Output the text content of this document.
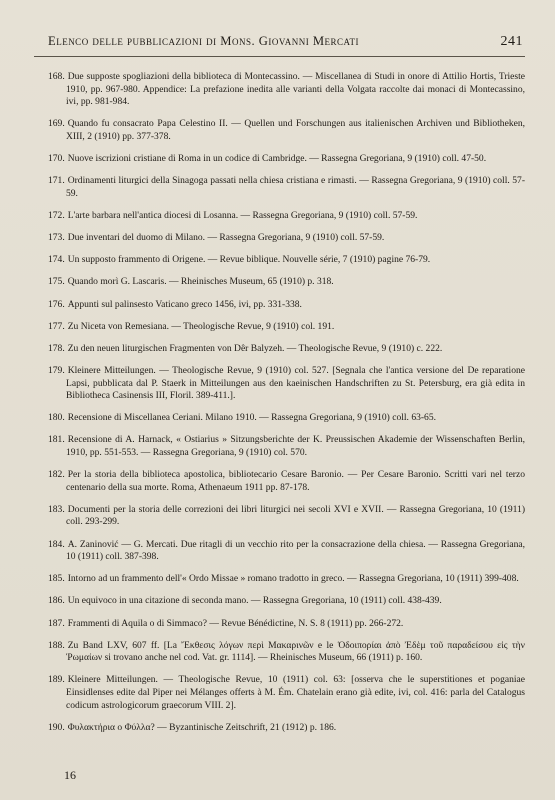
Elenco delle pubblicazioni di Mons. Giovanni Mercati	241

168. Due supposte spogliazioni della biblioteca di Montecassino. — Miscellanea di Studi in onore di Attilio Hortis, Trieste 1910, pp. 967-980. Appendice: La prefazione inedita alle varianti della Volgata raccolte dai monaci di Montecassino, ivi, pp. 981-984.

169. Quando fu consacrato Papa Celestino II. — Quellen und Forschungen aus italienischen Archiven und Bibliotheken, XIII, 2 (1910) pp. 377-378.

170. Nuove iscrizioni cristiane di Roma in un codice di Cambridge. — Rassegna Gregoriana, 9 (1910) coll. 47-50.

171. Ordinamenti liturgici della Sinagoga passati nella chiesa cristiana e rimasti. — Rassegna Gregoriana, 9 (1910) coll. 57-59.

172. L'arte barbara nell'antica diocesi di Losanna. — Rassegna Gregoriana, 9 (1910) coll. 57-59.

173. Due inventari del duomo di Milano. — Rassegna Gregoriana, 9 (1910) coll. 57-59.

174. Un supposto frammento di Origene. — Revue biblique. Nouvelle série, 7 (1910) pagine 76-79.

175. Quando morì G. Lascaris. — Rheinisches Museum, 65 (1910) p. 318.

176. Appunti sul palinsesto Vaticano greco 1456, ivi, pp. 331-338.

177. Zu Niceta von Remesiana. — Theologische Revue, 9 (1910) col. 191.

178. Zu den neuen liturgischen Fragmenten von Dêr Balyzeh. — Theologische Revue, 9 (1910) c. 222.

179. Kleinere Mitteilungen. — Theologische Revue, 9 (1910) col. 527. [Segnala che l'antica versione del De reparatione Lapsi, pubblicata dal P. Staerk in Mitteilungen aus den kaeinischen Handschriften zu St. Petersburg, era già edita in Bibliotheca Casinensis III, Floril. 389-411.].

180. Recensione di Miscellanea Ceriani. Milano 1910. — Rassegna Gregoriana, 9 (1910) coll. 63-65.

181. Recensione di A. Harnack, « Ostiarius » Sitzungsberichte der K. Preussischen Akademie der Wissenschaften Berlin, 1910, pp. 551-553. — Rassegna Gregoriana, 9 (1910) col. 570.

182. Per la storia della biblioteca apostolica, bibliotecario Cesare Baronio. — Per Cesare Baronio. Scritti vari nel terzo centenario della sua morte. Roma, Athenaeum 1911 pp. 87-178.

183. Documenti per la storia delle correzioni dei libri liturgici nei secoli XVI e XVII. — Rassegna Gregoriana, 10 (1911) coll. 293-299.

184. A. Zaninović — G. Mercati. Due ritagli di un vecchio rito per la consacrazione della chiesa. — Rassegna Gregoriana, 10 (1911) coll. 387-398.

185. Intorno ad un frammento dell'« Ordo Missae » romano tradotto in greco. — Rassegna Gregoriana, 10 (1911) 399-408.

186. Un equivoco in una citazione di seconda mano. — Rassegna Gregoriana, 10 (1911) coll. 438-439.

187. Frammenti di Aquila o di Simmaco? — Revue Bénédictine, N. S. 8 (1911) pp. 266-272.

188. Zu Band LXV, 607 ff. [La Ἔκθεσις λόγων περὶ Μακαρινῶν e le Ὁδοιπορίαι ἀπὸ Ἐδὲμ τοῦ παραδείσου εἰς τὴν Ῥωμαίων si trovano anche nel cod. Vat. gr. 1114]. — Rheinisches Museum, 66 (1911) p. 160.

189. Kleinere Mitteilungen. — Theologische Revue, 10 (1911) col. 63: [osserva che le superstitiones et poganiae Einsidlenses edite dal Piper nei Mélanges offerts à M. Ém. Chatelain erano già edite, ivi, col. 416: parla del Catalogus codicum astrologicorum graecorum VIII. 2].

190. Φυλακτήρια o Φύλλα? — Byzantinische Zeitschrift, 21 (1912) p. 186.

16
